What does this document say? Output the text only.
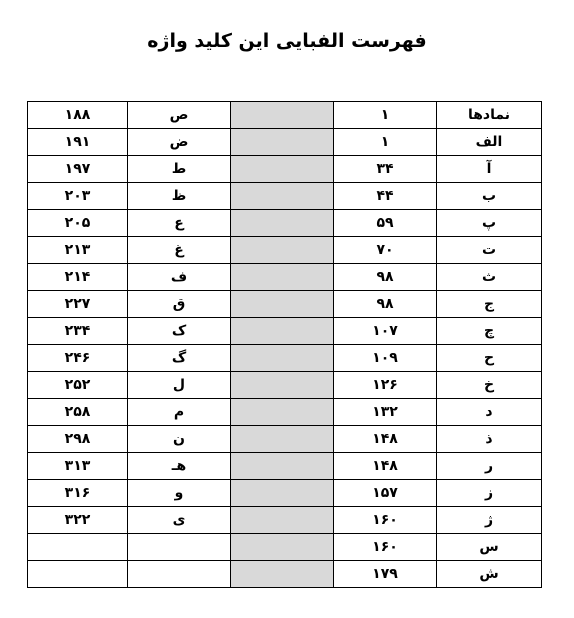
فهرست الفبایی این کلید واژه
۱۸۸	ص		۱	نمادها
۱۹۱	ض		۱	الف
۱۹۷	ط		۳۴	آ
۲۰۳	ظ		۴۴	ب
۲۰۵	ع		۵۹	پ
۲۱۳	غ		۷۰	ت
۲۱۴	ف		۹۸	ث
۲۲۷	ق		۹۸	ج
۲۳۴	ک		۱۰۷	چ
۲۴۶	گ		۱۰۹	ح
۲۵۲	ل		۱۲۶	خ
۲۵۸	م		۱۳۲	د
۲۹۸	ن		۱۴۸	ذ
۳۱۳	هـ		۱۴۸	ر
۳۱۶	و		۱۵۷	ز
۳۲۲	ی		۱۶۰	ژ
			۱۶۰	س
			۱۷۹	ش
